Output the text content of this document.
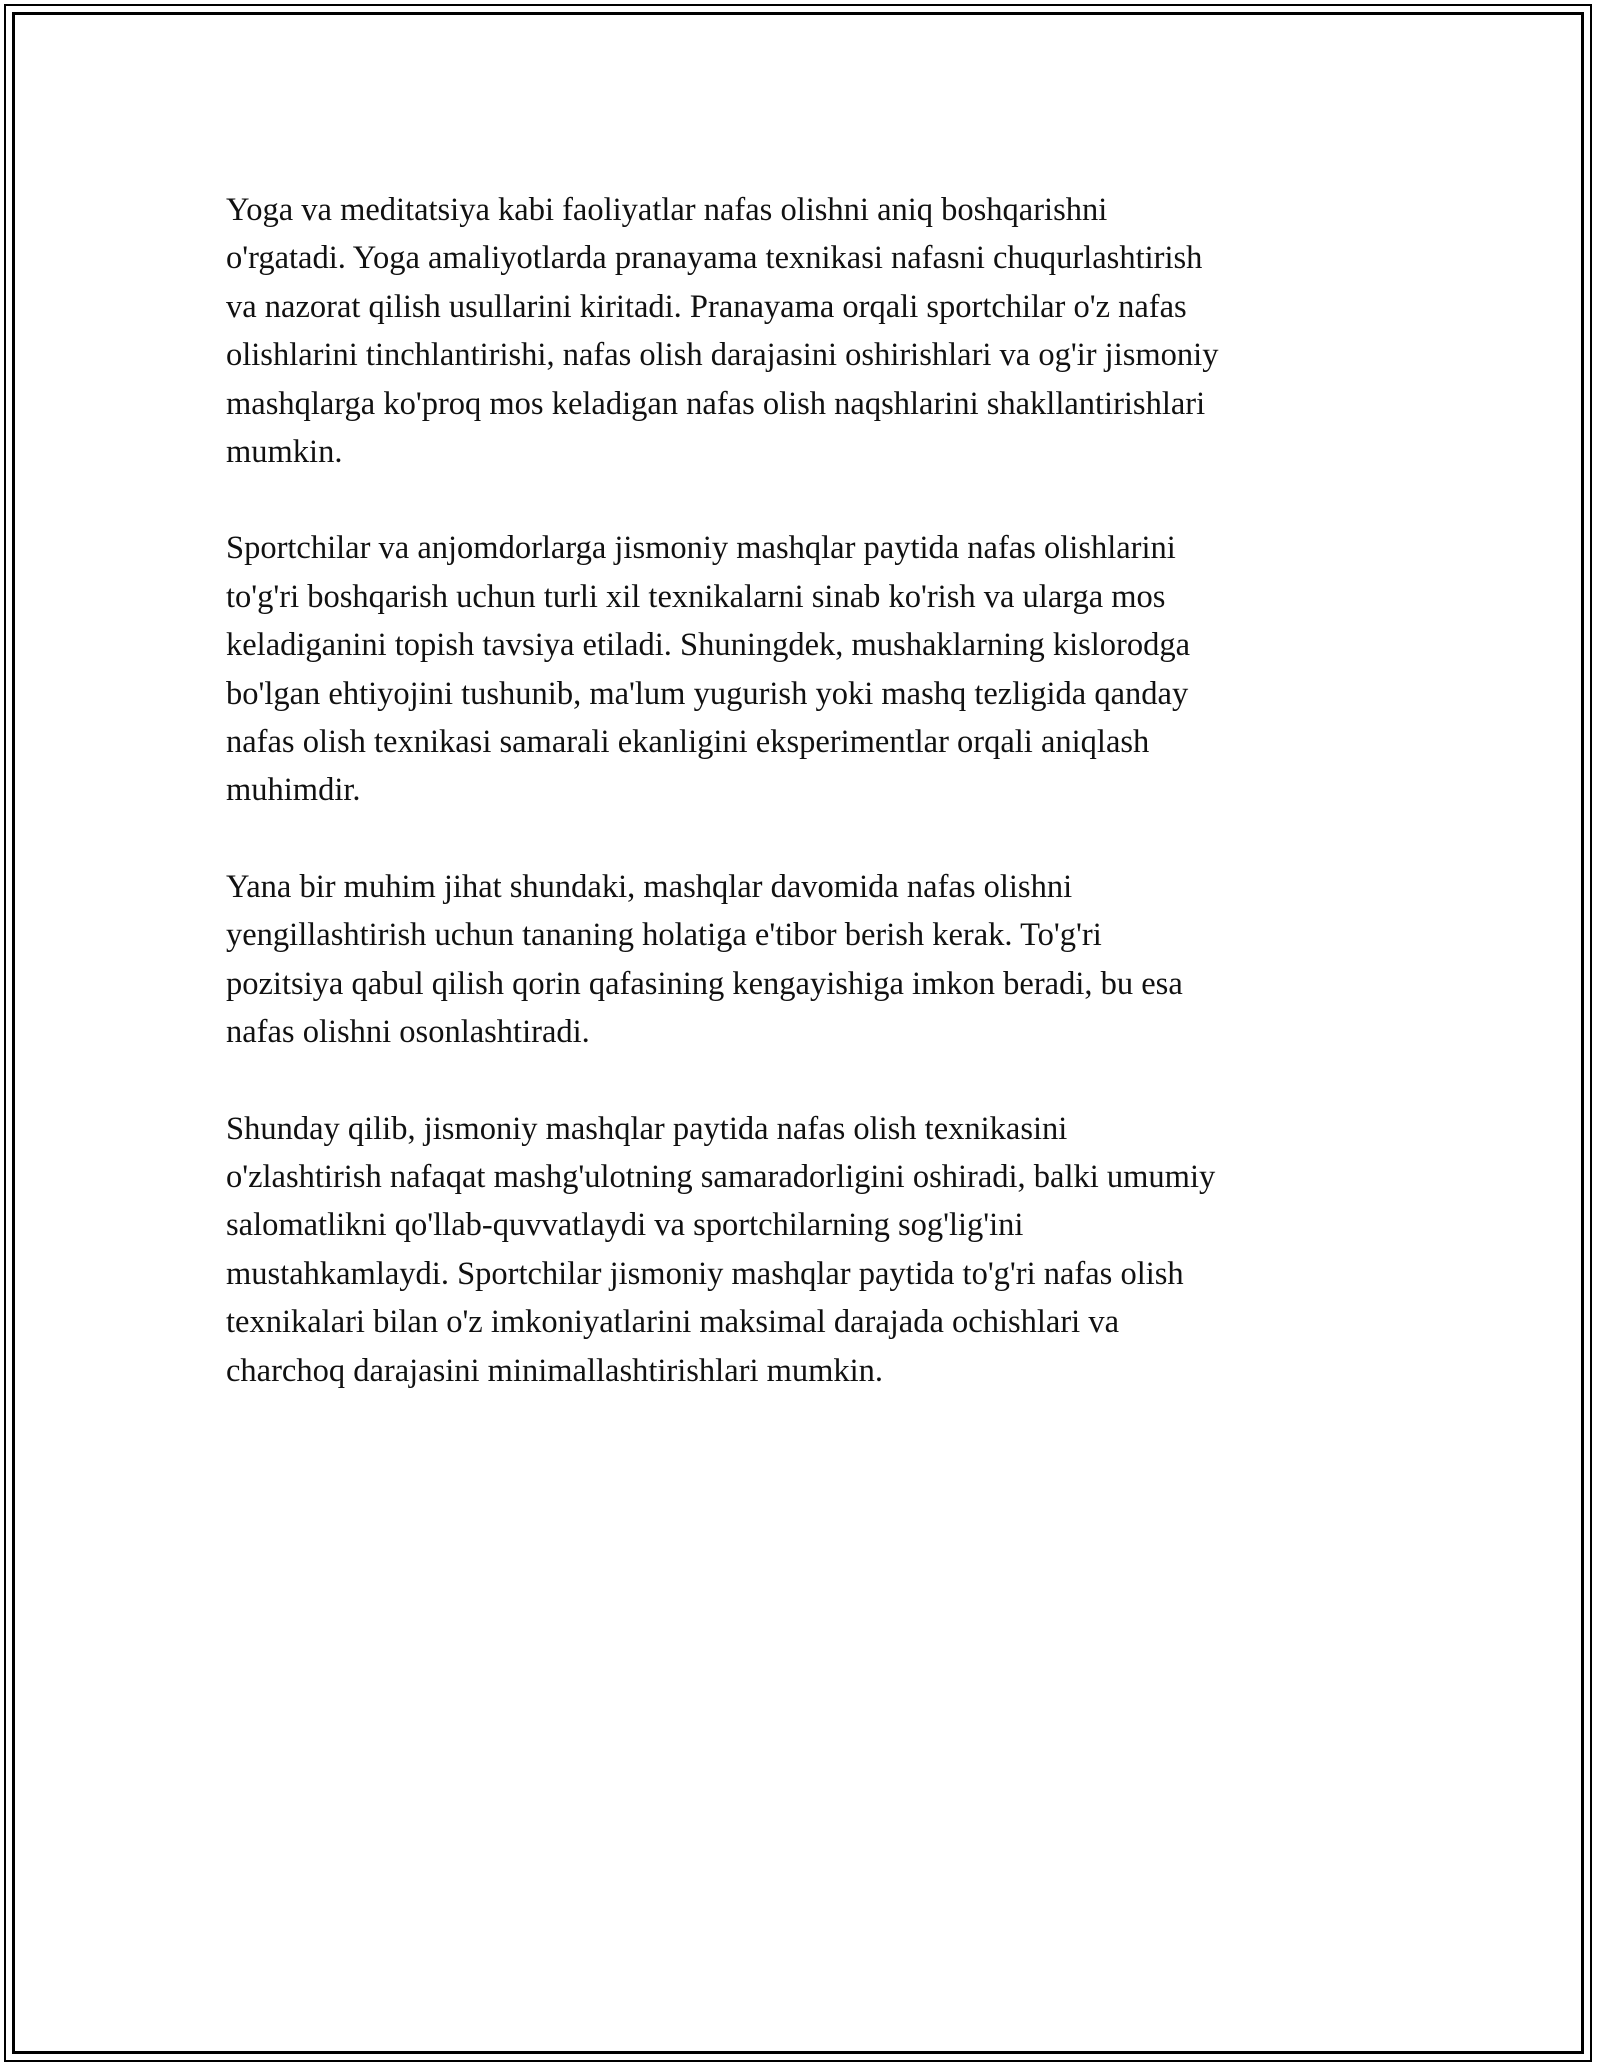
Yoga va meditatsiya kabi faoliyatlar nafas olishni aniq boshqarishni
o'rgatadi. Yoga amaliyotlarda pranayama texnikasi nafasni chuqurlashtirish
va nazorat qilish usullarini kiritadi. Pranayama orqali sportchilar o'z nafas
olishlarini tinchlantirishi, nafas olish darajasini oshirishlari va og'ir jismoniy
mashqlarga ko'proq mos keladigan nafas olish naqshlarini shakllantirishlari
mumkin.

Sportchilar va anjomdorlarga jismoniy mashqlar paytida nafas olishlarini
to'g'ri boshqarish uchun turli xil texnikalarni sinab ko'rish va ularga mos
keladiganini topish tavsiya etiladi. Shuningdek, mushaklarning kislorodga
bo'lgan ehtiyojini tushunib, ma'lum yugurish yoki mashq tezligida qanday
nafas olish texnikasi samarali ekanligini eksperimentlar orqali aniqlash
muhimdir.

Yana bir muhim jihat shundaki, mashqlar davomida nafas olishni
yengillashtirish uchun tananing holatiga e'tibor berish kerak. To'g'ri
pozitsiya qabul qilish qorin qafasining kengayishiga imkon beradi, bu esa
nafas olishni osonlashtiradi.

Shunday qilib, jismoniy mashqlar paytida nafas olish texnikasini
o'zlashtirish nafaqat mashg'ulotning samaradorligini oshiradi, balki umumiy
salomatlikni qo'llab-quvvatlaydi va sportchilarning sog'lig'ini
mustahkamlaydi. Sportchilar jismoniy mashqlar paytida to'g'ri nafas olish
texnikalari bilan o'z imkoniyatlarini maksimal darajada ochishlari va
charchoq darajasini minimallashtirishlari mumkin.
